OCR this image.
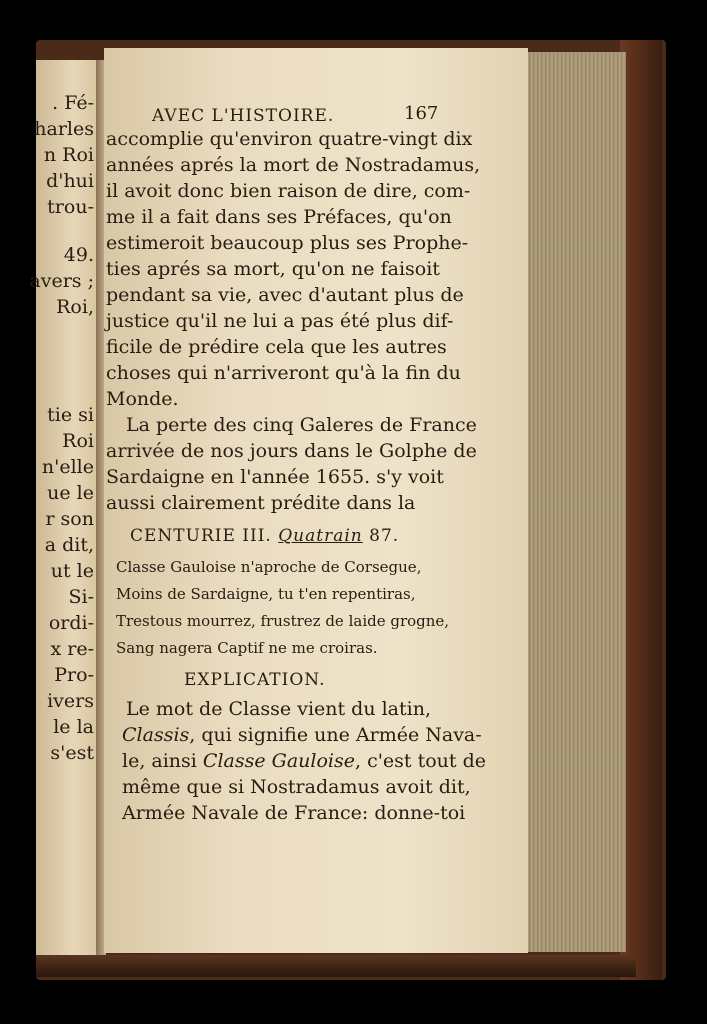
. Fé-
harles
n Roi
d'hui
trou-
49.
avers ;
Roi,
tie si
Roi
n'elle
ue le
r son
a dit,
ut le
Si-
ordi-
x re-
Pro-
ivers
le la
s'est
AVEC L'HISTOIRE.	167
accomplie qu'environ quatre-vingt dix
années aprés la mort de Nostradamus,
il avoit donc bien raison de dire, com-
me il a fait dans ses Préfaces, qu'on
estimeroit beaucoup plus ses Prophe-
ties aprés sa mort, qu'on ne faisoit
pendant sa vie, avec d'autant plus de
justice qu'il ne lui a pas été plus dif-
ficile de prédire cela que les autres
choses qui n'arriveront qu'à la fin du
Monde.
La perte des cinq Galeres de France
arrivée de nos jours dans le Golphe de
Sardaigne en l'année 1655. s'y voit
aussi clairement prédite dans la
CENTURIE III. Quatrain 87.
Classe Gauloise n'aproche de Corsegue,
Moins de Sardaigne, tu t'en repentiras,
Trestous mourrez, frustrez de laide grogne,
Sang nagera Captif ne me croiras.
EXPLICATION.
Le mot de Classe vient du latin,
Classis, qui signifie une Armée Nava-
le, ainsi Classe Gauloise, c'est tout de
même que si Nostradamus avoit dit,
Armée Navale de France: donne-toi
